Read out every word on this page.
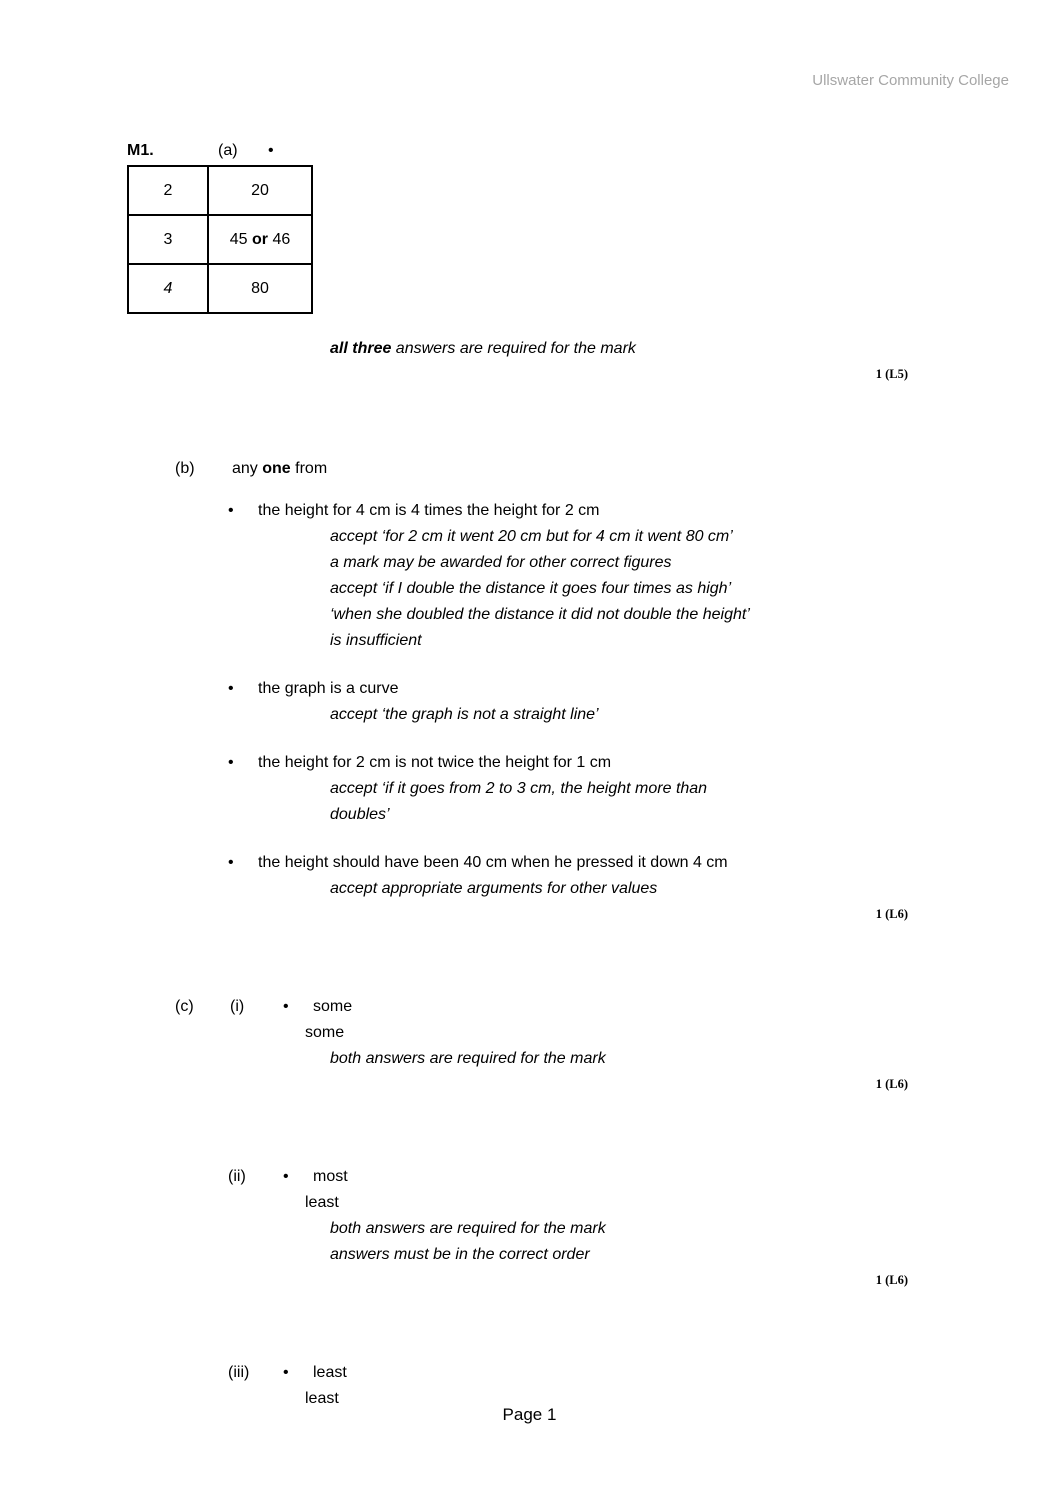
Ullswater Community College
M1.	(a)	•
2	20
3	45 or 46
4	80
all three answers are required for the mark
1 (L5)
(b)	any one from
•	the height for 4 cm is 4 times the height for 2 cm
accept ‘for 2 cm it went 20 cm but for 4 cm it went 80 cm’
a mark may be awarded for other correct figures
accept ‘if I double the distance it goes four times as high’
‘when she doubled the distance it did not double the height’
is insufficient
•	the graph is a curve
accept ‘the graph is not a straight line’
•	the height for 2 cm is not twice the height for 1 cm
accept ‘if it goes from 2 to 3 cm, the height more than
doubles’
•	the height should have been 40 cm when he pressed it down 4 cm
accept appropriate arguments for other values
1 (L6)
(c)	(i)	•	some
some
both answers are required for the mark
1 (L6)
(ii)	•	most
least
both answers are required for the mark
answers must be in the correct order
1 (L6)
(iii)	•	least
least
Page 1
